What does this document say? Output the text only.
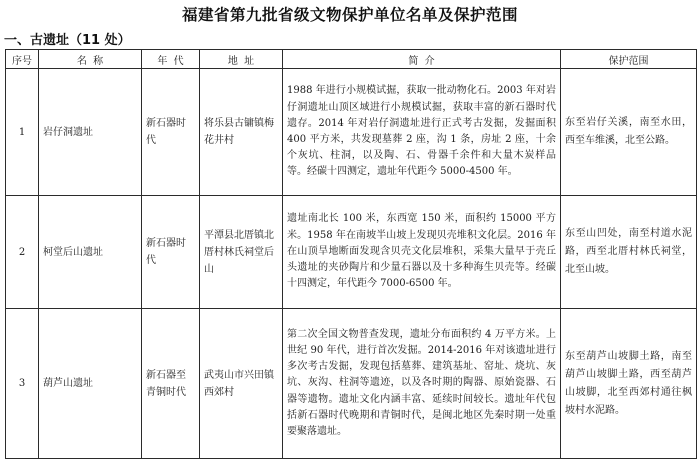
福建省第九批省级文物保护单位名单及保护范围
一、古遗址（11 处）
序号	名  称	年  代	地  址	简  介	保护范围
1	岩仔洞遗址	新石器时代	将乐县古镛镇梅花井村	1988 年进行小规模试掘，获取一批动物化石。2003 年对岩仔洞遗址山顶区域进行小规模试掘，获取丰富的新石器时代遗存。2014 年对岩仔洞遗址进行正式考古发掘，发掘面积 400 平方米，共发现墓葬 2 座，沟 1 条，房址 2 座，十余个灰坑、柱洞，以及陶、石、骨器千余件和大量木炭样品等。经碳十四测定，遗址年代距今 5000-4500 年。	东至岩仔关溪，南至水田，西至车维溪，北至公路。
2	柯堂后山遗址	新石器时代	平潭县北厝镇北厝村林氏祠堂后山	遗址南北长 100 米，东西宽 150 米，面积约 15000 平方米。1958 年在南坡半山坡上发现贝壳堆积文化层。2016 年在山顶旱地断面发现含贝壳文化层堆积，采集大量早于壳丘头遗址的夹砂陶片和少量石器以及十多种海生贝壳等。经碳十四测定，年代距今 7000-6500 年。	东至山凹处，南至村道水泥路，西至北厝村林氏祠堂，北至山坡。
3	葫芦山遗址	新石器至青铜时代	武夷山市兴田镇西郊村	第二次全国文物普查发现，遗址分布面积约 4 万平方米。上世纪 90 年代，进行首次发掘。2014-2016 年对该遗址进行多次考古发掘，发现包括墓葬、建筑基址、窑址、烧坑、灰坑、灰沟、柱洞等遗迹，以及各时期的陶器、原始瓷器、石器等遗物。遗址文化内涵丰富、延续时间较长。遗址年代包括新石器时代晚期和青铜时代，是闽北地区先秦时期一处重要聚落遗址。	东至葫芦山坡脚土路，南至葫芦山坡脚土路，西至葫芦山坡脚，北至西郊村通往枫坡村水泥路。
